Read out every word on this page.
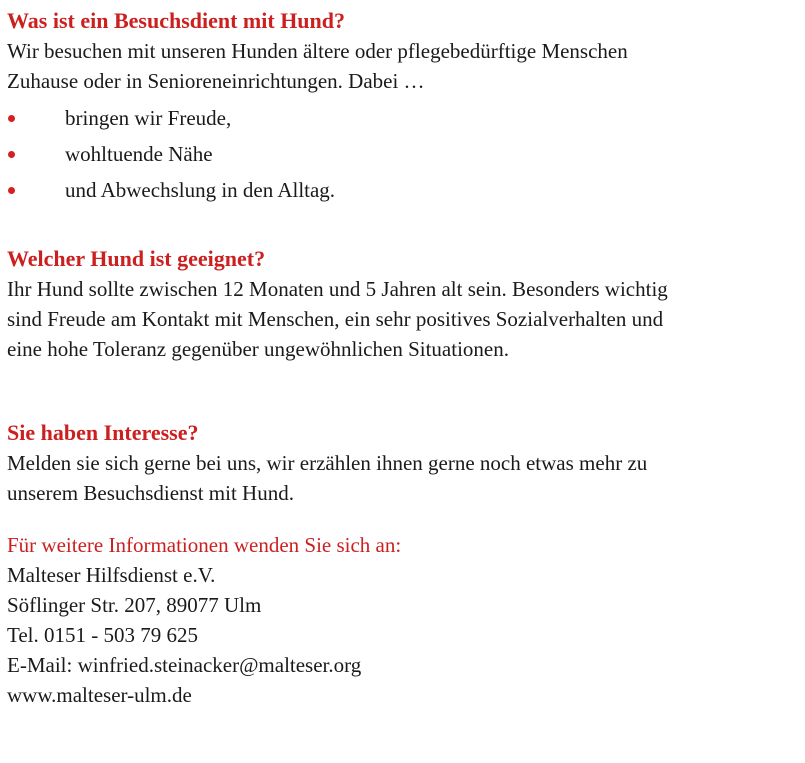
Was ist ein Besuchsdient mit Hund?

Wir besuchen mit unseren Hunden ältere oder pflegebedürftige Menschen

Zuhause oder in Senioreneinrichtungen. Dabei …

bringen wir Freude,
wohltuende Nähe
und Abwechslung in den Alltag.
Welcher Hund ist geeignet?

Ihr Hund sollte zwischen 12 Monaten und 5 Jahren alt sein. Besonders wichtig

sind Freude am Kontakt mit Menschen, ein sehr positives Sozialverhalten und

eine hohe Toleranz gegenüber ungewöhnlichen Situationen.

Sie haben Interesse?

Melden sie sich gerne bei uns, wir erzählen ihnen gerne noch etwas mehr zu

unserem Besuchsdienst mit Hund.

Für weitere Informationen wenden Sie sich an:

Malteser Hilfsdienst e.V.

Söflinger Str. 207, 89077 Ulm

Tel. 0151 - 503 79 625

E-Mail: winfried.steinacker@malteser.org

www.malteser-ulm.de
